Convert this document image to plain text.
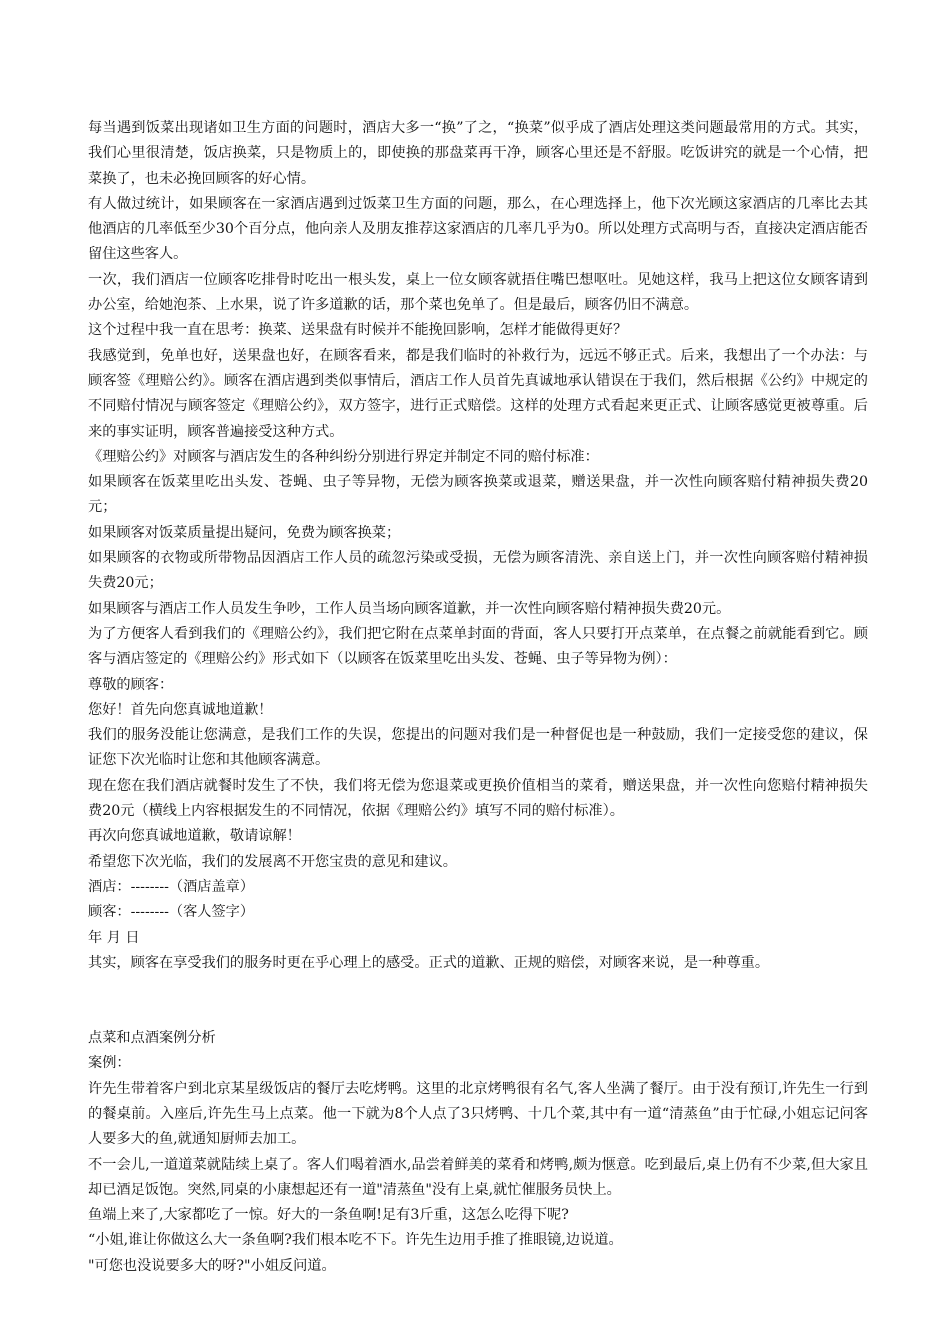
每当遇到饭菜出现诸如卫生方面的问题时，酒店大多一“换”了之，“换菜”似乎成了酒店处理这类问题最常用的方式。其实，我们心里很清楚，饭店换菜，只是物质上的，即使换的那盘菜再干净，顾客心里还是不舒服。吃饭讲究的就是一个心情，把菜换了，也未必挽回顾客的好心情。

有人做过统计，如果顾客在一家酒店遇到过饭菜卫生方面的问题，那么，在心理选择上，他下次光顾这家酒店的几率比去其他酒店的几率低至少30个百分点，他向亲人及朋友推荐这家酒店的几率几乎为0。所以处理方式高明与否，直接决定酒店能否留住这些客人。

一次，我们酒店一位顾客吃排骨时吃出一根头发，桌上一位女顾客就捂住嘴巴想呕吐。见她这样，我马上把这位女顾客请到办公室，给她泡茶、上水果，说了许多道歉的话，那个菜也免单了。但是最后，顾客仍旧不满意。

这个过程中我一直在思考：换菜、送果盘有时候并不能挽回影响，怎样才能做得更好？

我感觉到，免单也好，送果盘也好，在顾客看来，都是我们临时的补救行为，远远不够正式。后来，我想出了一个办法：与顾客签《理赔公约》。顾客在酒店遇到类似事情后，酒店工作人员首先真诚地承认错误在于我们，然后根据《公约》中规定的不同赔付情况与顾客签定《理赔公约》，双方签字，进行正式赔偿。这样的处理方式看起来更正式、让顾客感觉更被尊重。后来的事实证明，顾客普遍接受这种方式。

《理赔公约》对顾客与酒店发生的各种纠纷分别进行界定并制定不同的赔付标准：

如果顾客在饭菜里吃出头发、苍蝇、虫子等异物，无偿为顾客换菜或退菜，赠送果盘，并一次性向顾客赔付精神损失费20元；

如果顾客对饭菜质量提出疑问，免费为顾客换菜；

如果顾客的衣物或所带物品因酒店工作人员的疏忽污染或受损，无偿为顾客清洗、亲自送上门，并一次性向顾客赔付精神损失费20元；

如果顾客与酒店工作人员发生争吵，工作人员当场向顾客道歉，并一次性向顾客赔付精神损失费20元。

为了方便客人看到我们的《理赔公约》，我们把它附在点菜单封面的背面，客人只要打开点菜单，在点餐之前就能看到它。顾客与酒店签定的《理赔公约》形式如下（以顾客在饭菜里吃出头发、苍蝇、虫子等异物为例）：

尊敬的顾客：

您好！首先向您真诚地道歉！

我们的服务没能让您满意，是我们工作的失误，您提出的问题对我们是一种督促也是一种鼓励，我们一定接受您的建议，保证您下次光临时让您和其他顾客满意。

现在您在我们酒店就餐时发生了不快，我们将无偿为您退菜或更换价值相当的菜肴，赠送果盘，并一次性向您赔付精神损失费20元（横线上内容根据发生的不同情况，依据《理赔公约》填写不同的赔付标准）。

再次向您真诚地道歉，敬请谅解！

希望您下次光临，我们的发展离不开您宝贵的意见和建议。

酒店：--------（酒店盖章）

顾客：--------（客人签字）

年 月 日

其实，顾客在享受我们的服务时更在乎心理上的感受。正式的道歉、正规的赔偿，对顾客来说，是一种尊重。

点菜和点酒案例分析

案例：

许先生带着客户到北京某星级饭店的餐厅去吃烤鸭。这里的北京烤鸭很有名气,客人坐满了餐厅。由于没有预订,许先生一行到的餐桌前。入座后,许先生马上点菜。他一下就为8个人点了3只烤鸭、十几个菜,其中有一道“清蒸鱼”由于忙碌,小姐忘记问客人要多大的鱼,就通知厨师去加工。

不一会儿,一道道菜就陆续上桌了。客人们喝着酒水,品尝着鲜美的菜肴和烤鸭,颇为惬意。吃到最后,桌上仍有不少菜,但大家且却已酒足饭饱。突然,同桌的小康想起还有一道"清蒸鱼"没有上桌,就忙催服务员快上。

鱼端上来了,大家都吃了一惊。好大的一条鱼啊!足有3斤重，这怎么吃得下呢?

“小姐,谁让你做这么大一条鱼啊?我们根本吃不下。许先生边用手推了推眼镜,边说道。

"可您也没说要多大的呀?"小姐反问道。
